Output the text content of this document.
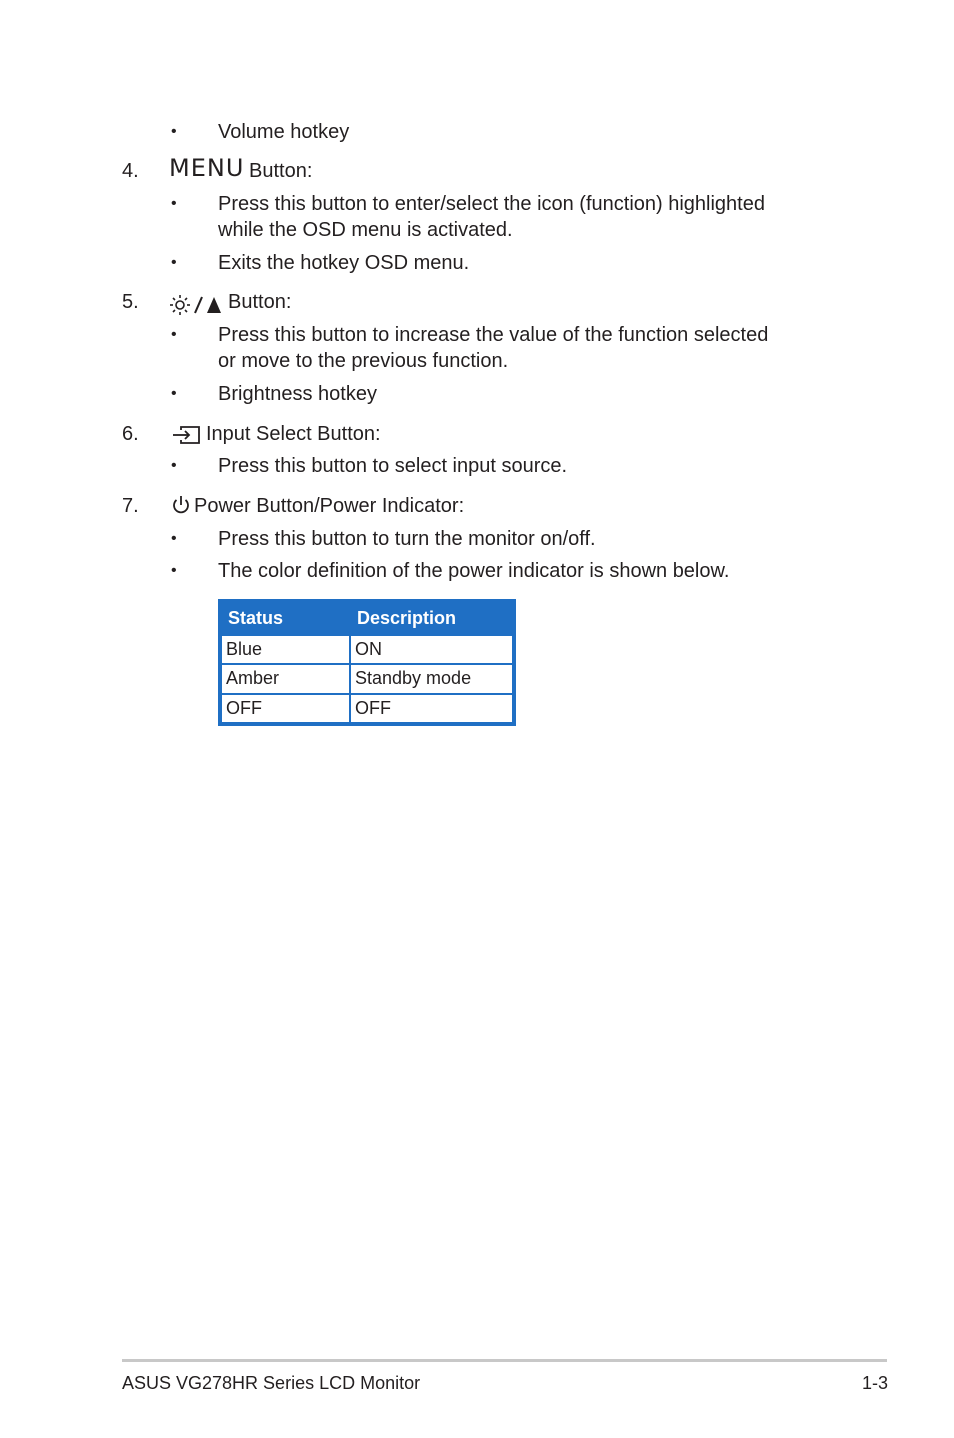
• Volume hotkey
4. MENU Button:
• Press this button to enter/select the icon (function) highlighted
while the OSD menu is activated.
• Exits the hotkey OSD menu.
5.	Button:
• Press this button to increase the value of the function selected
or move to the previous function.
• Brightness hotkey
6.	Input Select Button:
• Press this button to select input source.
7.	Power Button/Power Indicator:
• Press this button to turn the monitor on/off.
• The color definition of the power indicator is shown below.
Status	Description
Blue	ON
Amber	Standby mode
OFF	OFF
ASUS VG278HR Series LCD Monitor	1-3
